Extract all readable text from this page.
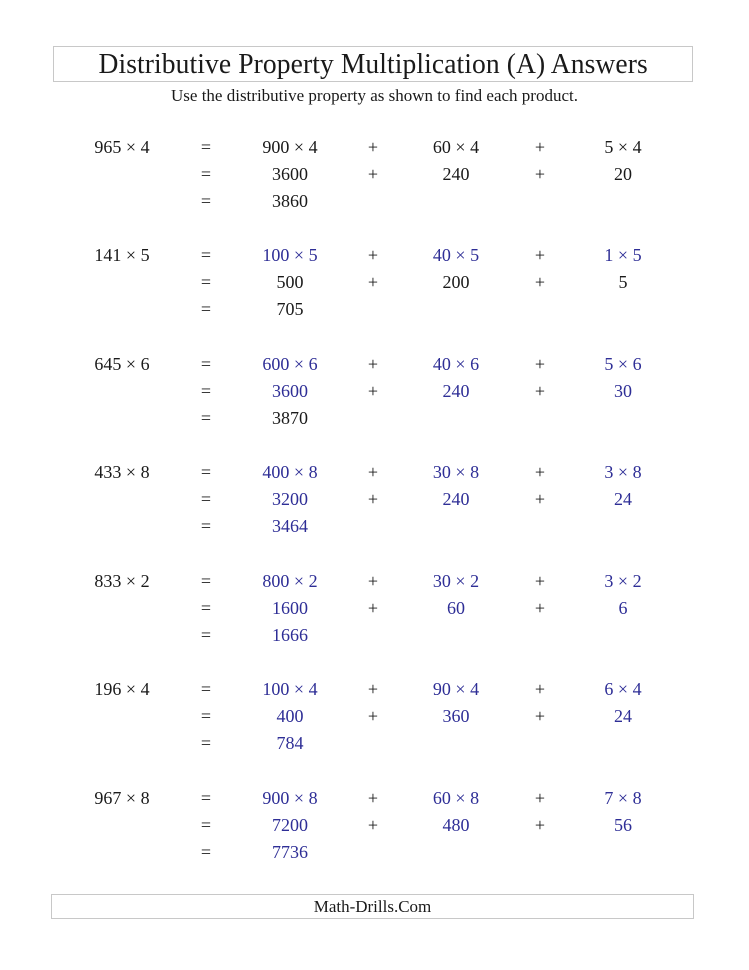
Distributive Property Multiplication (A) Answers
Use the distributive property as shown to find each product.
965 × 4	=	900 × 4	+	60 × 4	+	5 × 4
=	3600	+	240	+	20
=	3860
141 × 5	=	100 × 5	+	40 × 5	+	1 × 5
=	500	+	200	+	5
=	705
645 × 6	=	600 × 6	+	40 × 6	+	5 × 6
=	3600	+	240	+	30
=	3870
433 × 8	=	400 × 8	+	30 × 8	+	3 × 8
=	3200	+	240	+	24
=	3464
833 × 2	=	800 × 2	+	30 × 2	+	3 × 2
=	1600	+	60	+	6
=	1666
196 × 4	=	100 × 4	+	90 × 4	+	6 × 4
=	400	+	360	+	24
=	784
967 × 8	=	900 × 8	+	60 × 8	+	7 × 8
=	7200	+	480	+	56
=	7736
Math-Drills.Com
